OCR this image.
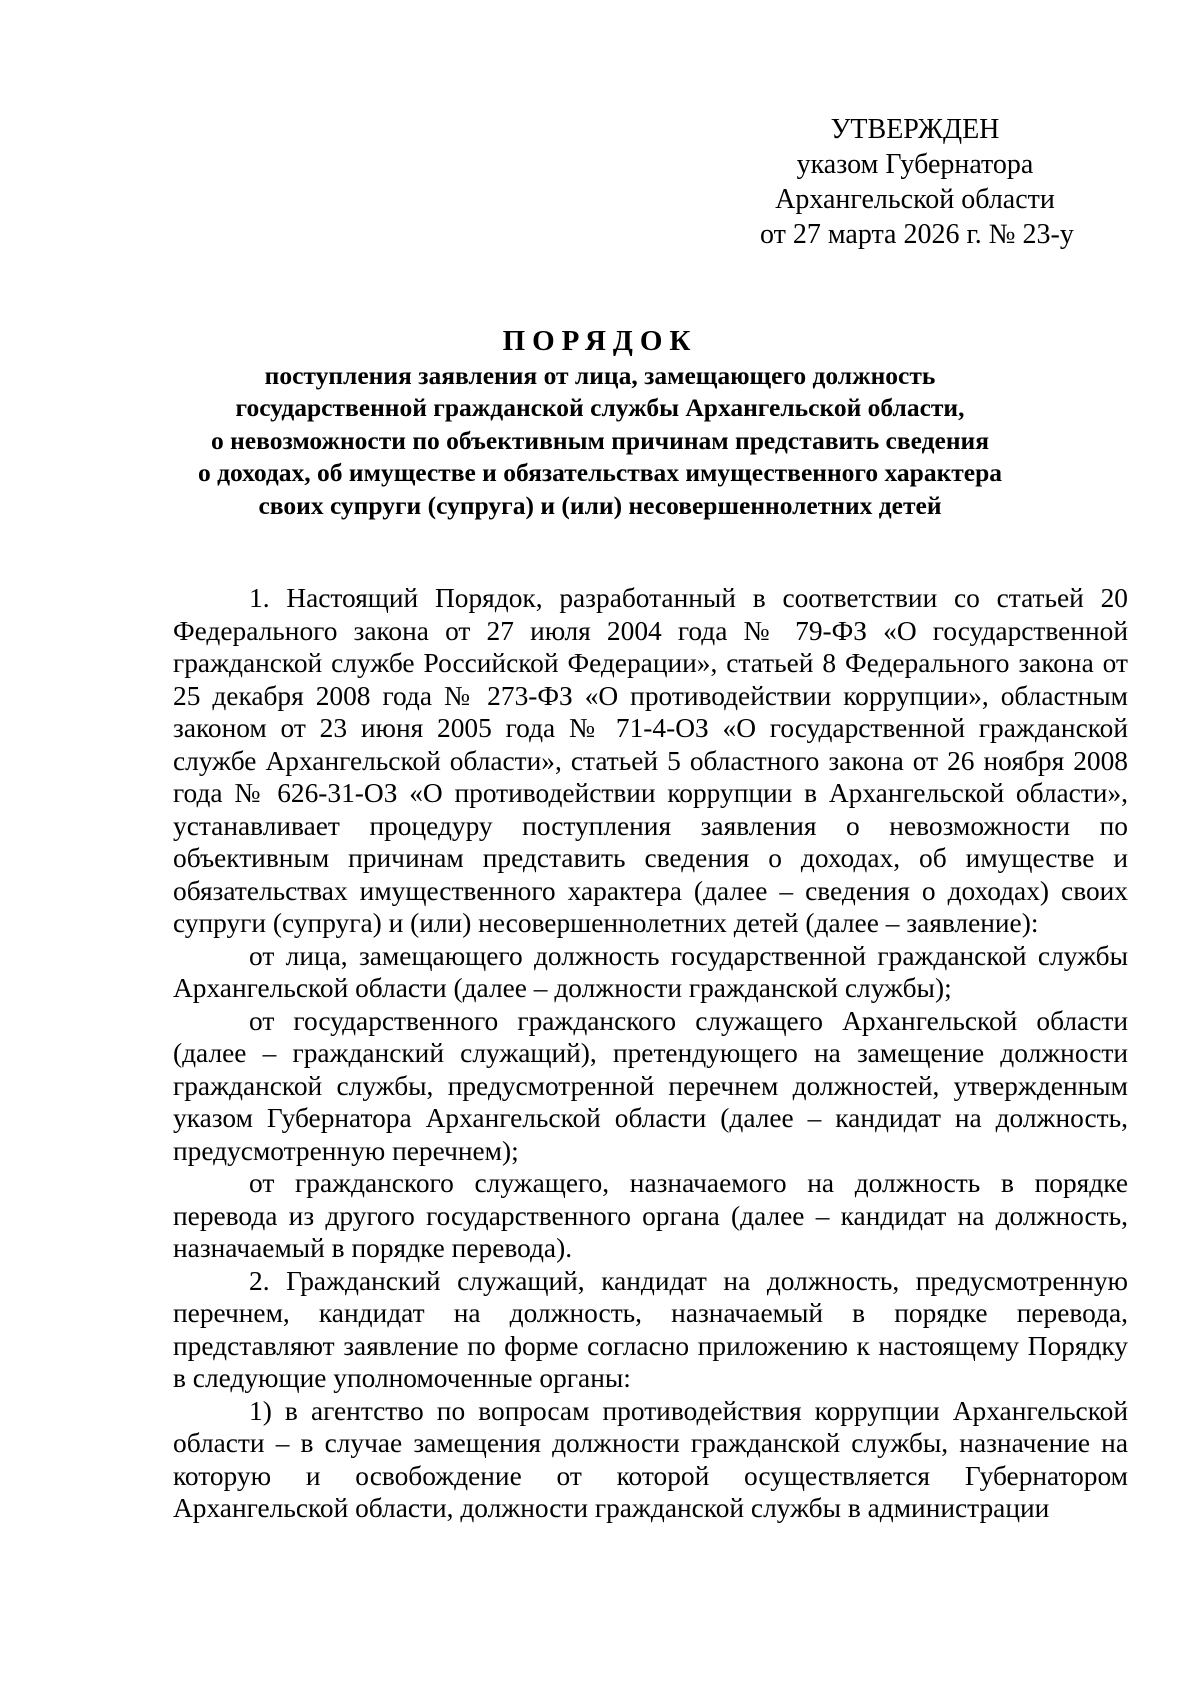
УТВЕРЖДЕН
указом Губернатора
Архангельской области
от 27 марта 2026 г. № 23-у
ПОРЯДОК
поступления заявления от лица, замещающего должность
государственной гражданской службы Архангельской области,
о невозможности по объективным причинам представить сведения
о доходах, об имуществе и обязательствах имущественного характера
своих супруги (супруга) и (или) несовершеннолетних детей

1. Настоящий Порядок, разработанный в соответствии со статьей 20 Федерального закона от 27 июля 2004 года № 79-ФЗ «О государственной гражданской службе Российской Федерации», статьей 8 Федерального закона от 25 декабря 2008 года № 273-ФЗ «О противодействии коррупции», областным законом от 23 июня 2005 года № 71-4-ОЗ «О государственной гражданской службе Архангельской области», статьей 5 областного закона от 26 ноября 2008 года № 626-31-ОЗ «О противодействии коррупции в Архангельской области», устанавливает процедуру поступления заявления о невозможности по объективным причинам представить сведения о доходах, об имуществе и обязательствах имущественного характера (далее – сведения о доходах) своих супруги (супруга) и (или) несовершеннолетних детей (далее – заявление):

от лица, замещающего должность государственной гражданской службы Архангельской области (далее – должности гражданской службы);

от государственного гражданского служащего Архангельской области (далее – гражданский служащий), претендующего на замещение должности гражданской службы, предусмотренной перечнем должностей, утвержденным указом Губернатора Архангельской области (далее – кандидат на должность, предусмотренную перечнем);

от гражданского служащего, назначаемого на должность в порядке перевода из другого государственного органа (далее – кандидат на должность, назначаемый в порядке перевода).

2. Гражданский служащий, кандидат на должность, предусмотренную перечнем, кандидат на должность, назначаемый в порядке перевода, представляют заявление по форме согласно приложению к настоящему Порядку в следующие уполномоченные органы:

1) в агентство по вопросам противодействия коррупции Архангельской области – в случае замещения должности гражданской службы, назначение на которую и освобождение от которой осуществляется Губернатором Архангельской области, должности гражданской службы в администрации
